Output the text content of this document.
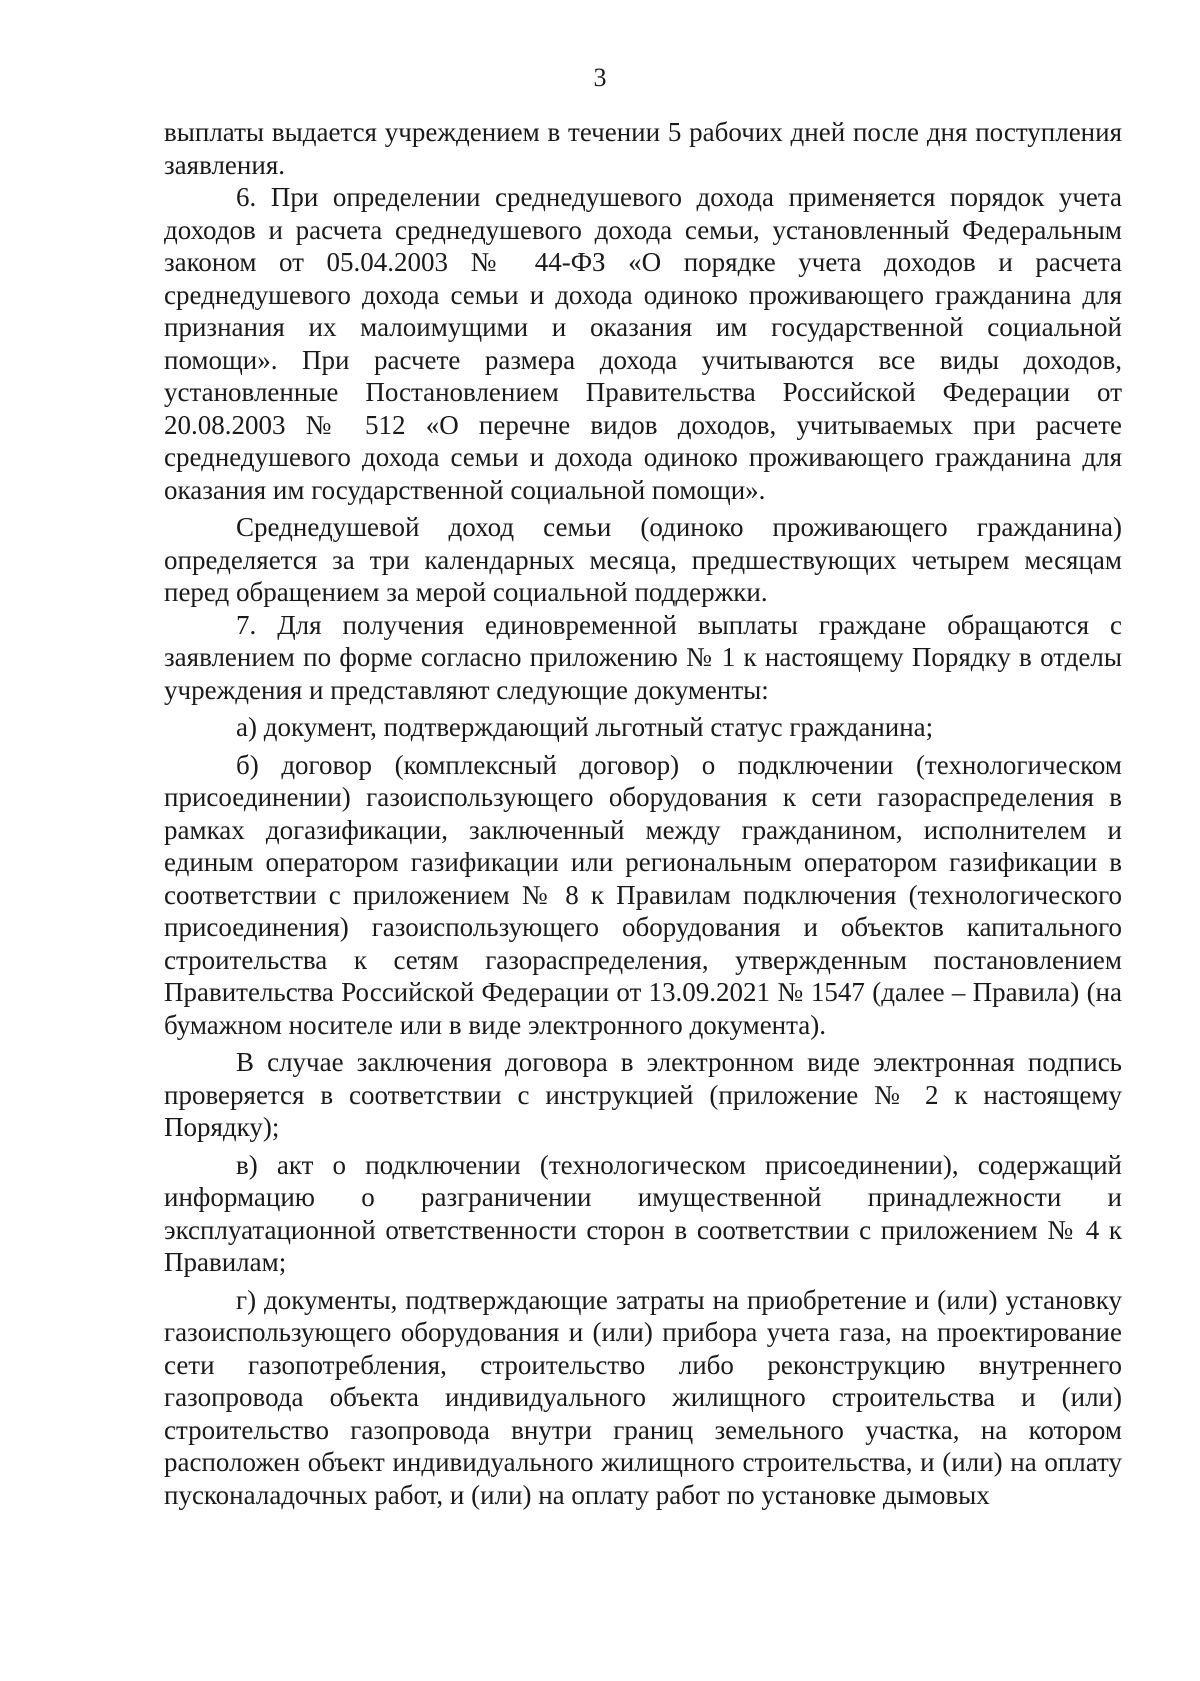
3

выплаты выдается учреждением в течении 5 рабочих дней после дня поступления заявления.

6. При определении среднедушевого дохода применяется порядок учета доходов и расчета среднедушевого дохода семьи, установленный Федеральным законом от 05.04.2003 № 44-ФЗ «О порядке учета доходов и расчета среднедушевого дохода семьи и дохода одиноко проживающего гражданина для признания их малоимущими и оказания им государственной социальной помощи». При расчете размера дохода учитываются все виды доходов, установленные Постановлением Правительства Российской Федерации от 20.08.2003 № 512 «О перечне видов доходов, учитываемых при расчете среднедушевого дохода семьи и дохода одиноко проживающего гражданина для оказания им государственной социальной помощи».

Среднедушевой доход семьи (одиноко проживающего гражданина) определяется за три календарных месяца, предшествующих четырем месяцам перед обращением за мерой социальной поддержки.

7. Для получения единовременной выплаты граждане обращаются с заявлением по форме согласно приложению № 1 к настоящему Порядку в отделы учреждения и представляют следующие документы:

а) документ, подтверждающий льготный статус гражданина;

б) договор (комплексный договор) о подключении (технологическом присоединении) газоиспользующего оборудования к сети газораспределения в рамках догазификации, заключенный между гражданином, исполнителем и единым оператором газификации или региональным оператором газификации в соответствии с приложением № 8 к Правилам подключения (технологического присоединения) газоиспользующего оборудования и объектов капитального строительства к сетям газораспределения, утвержденным постановлением Правительства Российской Федерации от 13.09.2021 № 1547 (далее – Правила) (на бумажном носителе или в виде электронного документа).

В случае заключения договора в электронном виде электронная подпись проверяется в соответствии с инструкцией (приложение № 2 к настоящему Порядку);

в) акт о подключении (технологическом присоединении), содержащий информацию о разграничении имущественной принадлежности и эксплуатационной ответственности сторон в соответствии с приложением № 4 к Правилам;

г) документы, подтверждающие затраты на приобретение и (или) установку газоиспользующего оборудования и (или) прибора учета газа, на проектирование сети газопотребления, строительство либо реконструкцию внутреннего газопровода объекта индивидуального жилищного строительства и (или) строительство газопровода внутри границ земельного участка, на котором расположен объект индивидуального жилищного строительства, и (или) на оплату пусконаладочных работ, и (или) на оплату работ по установке дымовых
